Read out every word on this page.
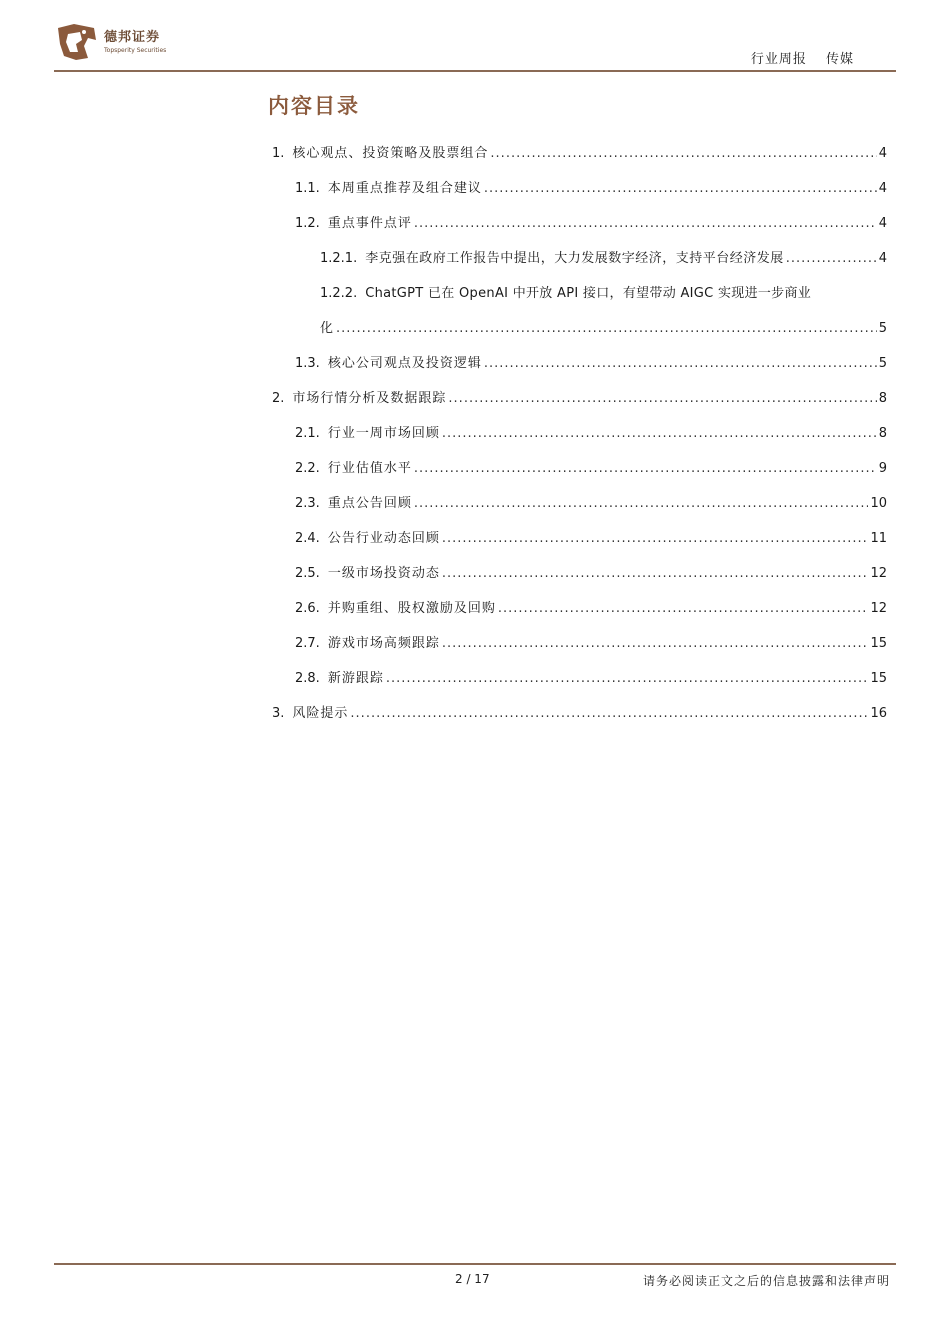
德邦证券
Topsperity Securities
行业周报 传媒
内容目录
1. 核心观点、投资策略及股票组合 .....	4
1.1. 本周重点推荐及组合建议 .....	4
1.2. 重点事件点评 .....	4
1.2.1. 李克强在政府工作报告中提出，大力发展数字经济，支持平台经济发展 .....	4
1.2.2. ChatGPT 已在 OpenAI 中开放 API 接口，有望带动 AIGC 实现进一步商业
化 .....	5
1.3. 核心公司观点及投资逻辑 .....	5
2. 市场行情分析及数据跟踪 .....	8
2.1. 行业一周市场回顾 .....	8
2.2. 行业估值水平 .....	9
2.3. 重点公告回顾 .....	10
2.4. 公告行业动态回顾 .....	11
2.5. 一级市场投资动态 .....	12
2.6. 并购重组、股权激励及回购 .....	12
2.7. 游戏市场高频跟踪 .....	15
2.8. 新游跟踪 .....	15
3. 风险提示 .....	16
2 / 17	请务必阅读正文之后的信息披露和法律声明
